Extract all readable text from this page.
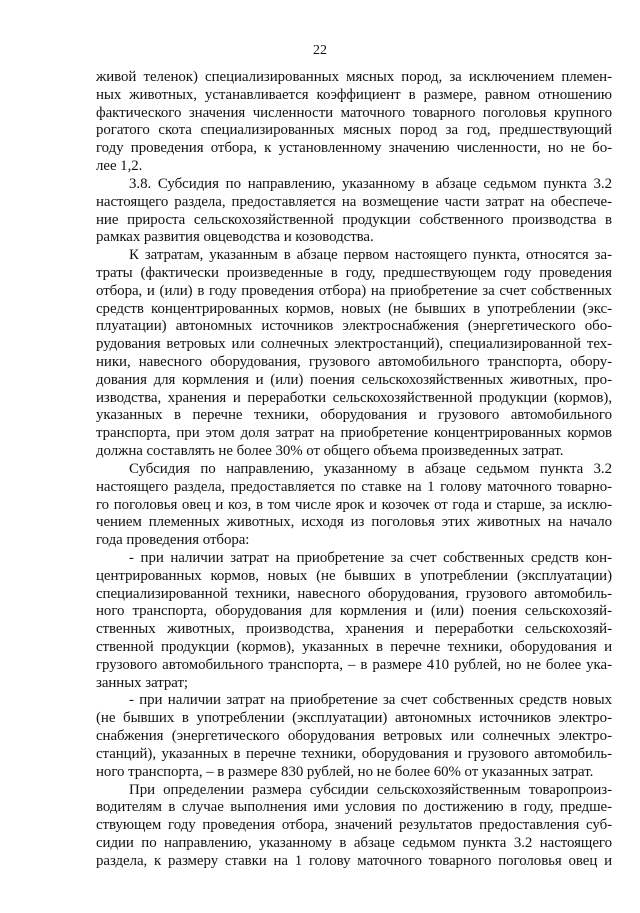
22
живой теленок) специализированных мясных пород, за исключением племен-
ных животных, устанавливается коэффициент в размере, равном отношению
фактического значения численности маточного товарного поголовья крупного
рогатого скота специализированных мясных пород за год, предшествующий
году проведения отбора, к установленному значению численности, но не бо-
лее 1,2.
3.8. Субсидия по направлению, указанному в абзаце седьмом пункта 3.2
настоящего раздела, предоставляется на возмещение части затрат на обеспече-
ние прироста сельскохозяйственной продукции собственного производства в
рамках развития овцеводства и козоводства.
К затратам, указанным в абзаце первом настоящего пункта, относятся за-
траты (фактически произведенные в году, предшествующем году проведения
отбора, и (или) в году проведения отбора) на приобретение за счет собственных
средств концентрированных кормов, новых (не бывших в употреблении (экс-
плуатации) автономных источников электроснабжения (энергетического обо-
рудования ветровых или солнечных электростанций), специализированной тех-
ники, навесного оборудования, грузового автомобильного транспорта, обору-
дования для кормления и (или) поения сельскохозяйственных животных, про-
изводства, хранения и переработки сельскохозяйственной продукции (кормов),
указанных в перечне техники, оборудования и грузового автомобильного
транспорта, при этом доля затрат на приобретение концентрированных кормов
должна составлять не более 30% от общего объема произведенных затрат.
Субсидия по направлению, указанному в абзаце седьмом пункта 3.2
настоящего раздела, предоставляется по ставке на 1 голову маточного товарно-
го поголовья овец и коз, в том числе ярок и козочек от года и старше, за исклю-
чением племенных животных, исходя из поголовья этих животных на начало
года проведения отбора:
- при наличии затрат на приобретение за счет собственных средств кон-
центрированных кормов, новых (не бывших в употреблении (эксплуатации)
специализированной техники, навесного оборудования, грузового автомобиль-
ного транспорта, оборудования для кормления и (или) поения сельскохозяй-
ственных животных, производства, хранения и переработки сельскохозяй-
ственной продукции (кормов), указанных в перечне техники, оборудования и
грузового автомобильного транспорта, – в размере 410 рублей, но не более ука-
занных затрат;
- при наличии затрат на приобретение за счет собственных средств новых
(не бывших в употреблении (эксплуатации) автономных источников электро-
снабжения (энергетического оборудования ветровых или солнечных электро-
станций), указанных в перечне техники, оборудования и грузового автомобиль-
ного транспорта, – в размере 830 рублей, но не более 60% от указанных затрат.
При определении размера субсидии сельскохозяйственным товаропроиз-
водителям в случае выполнения ими условия по достижению в году, предше-
ствующем году проведения отбора, значений результатов предоставления суб-
сидии по направлению, указанному в абзаце седьмом пункта 3.2 настоящего
раздела, к размеру ставки на 1 голову маточного товарного поголовья овец и
